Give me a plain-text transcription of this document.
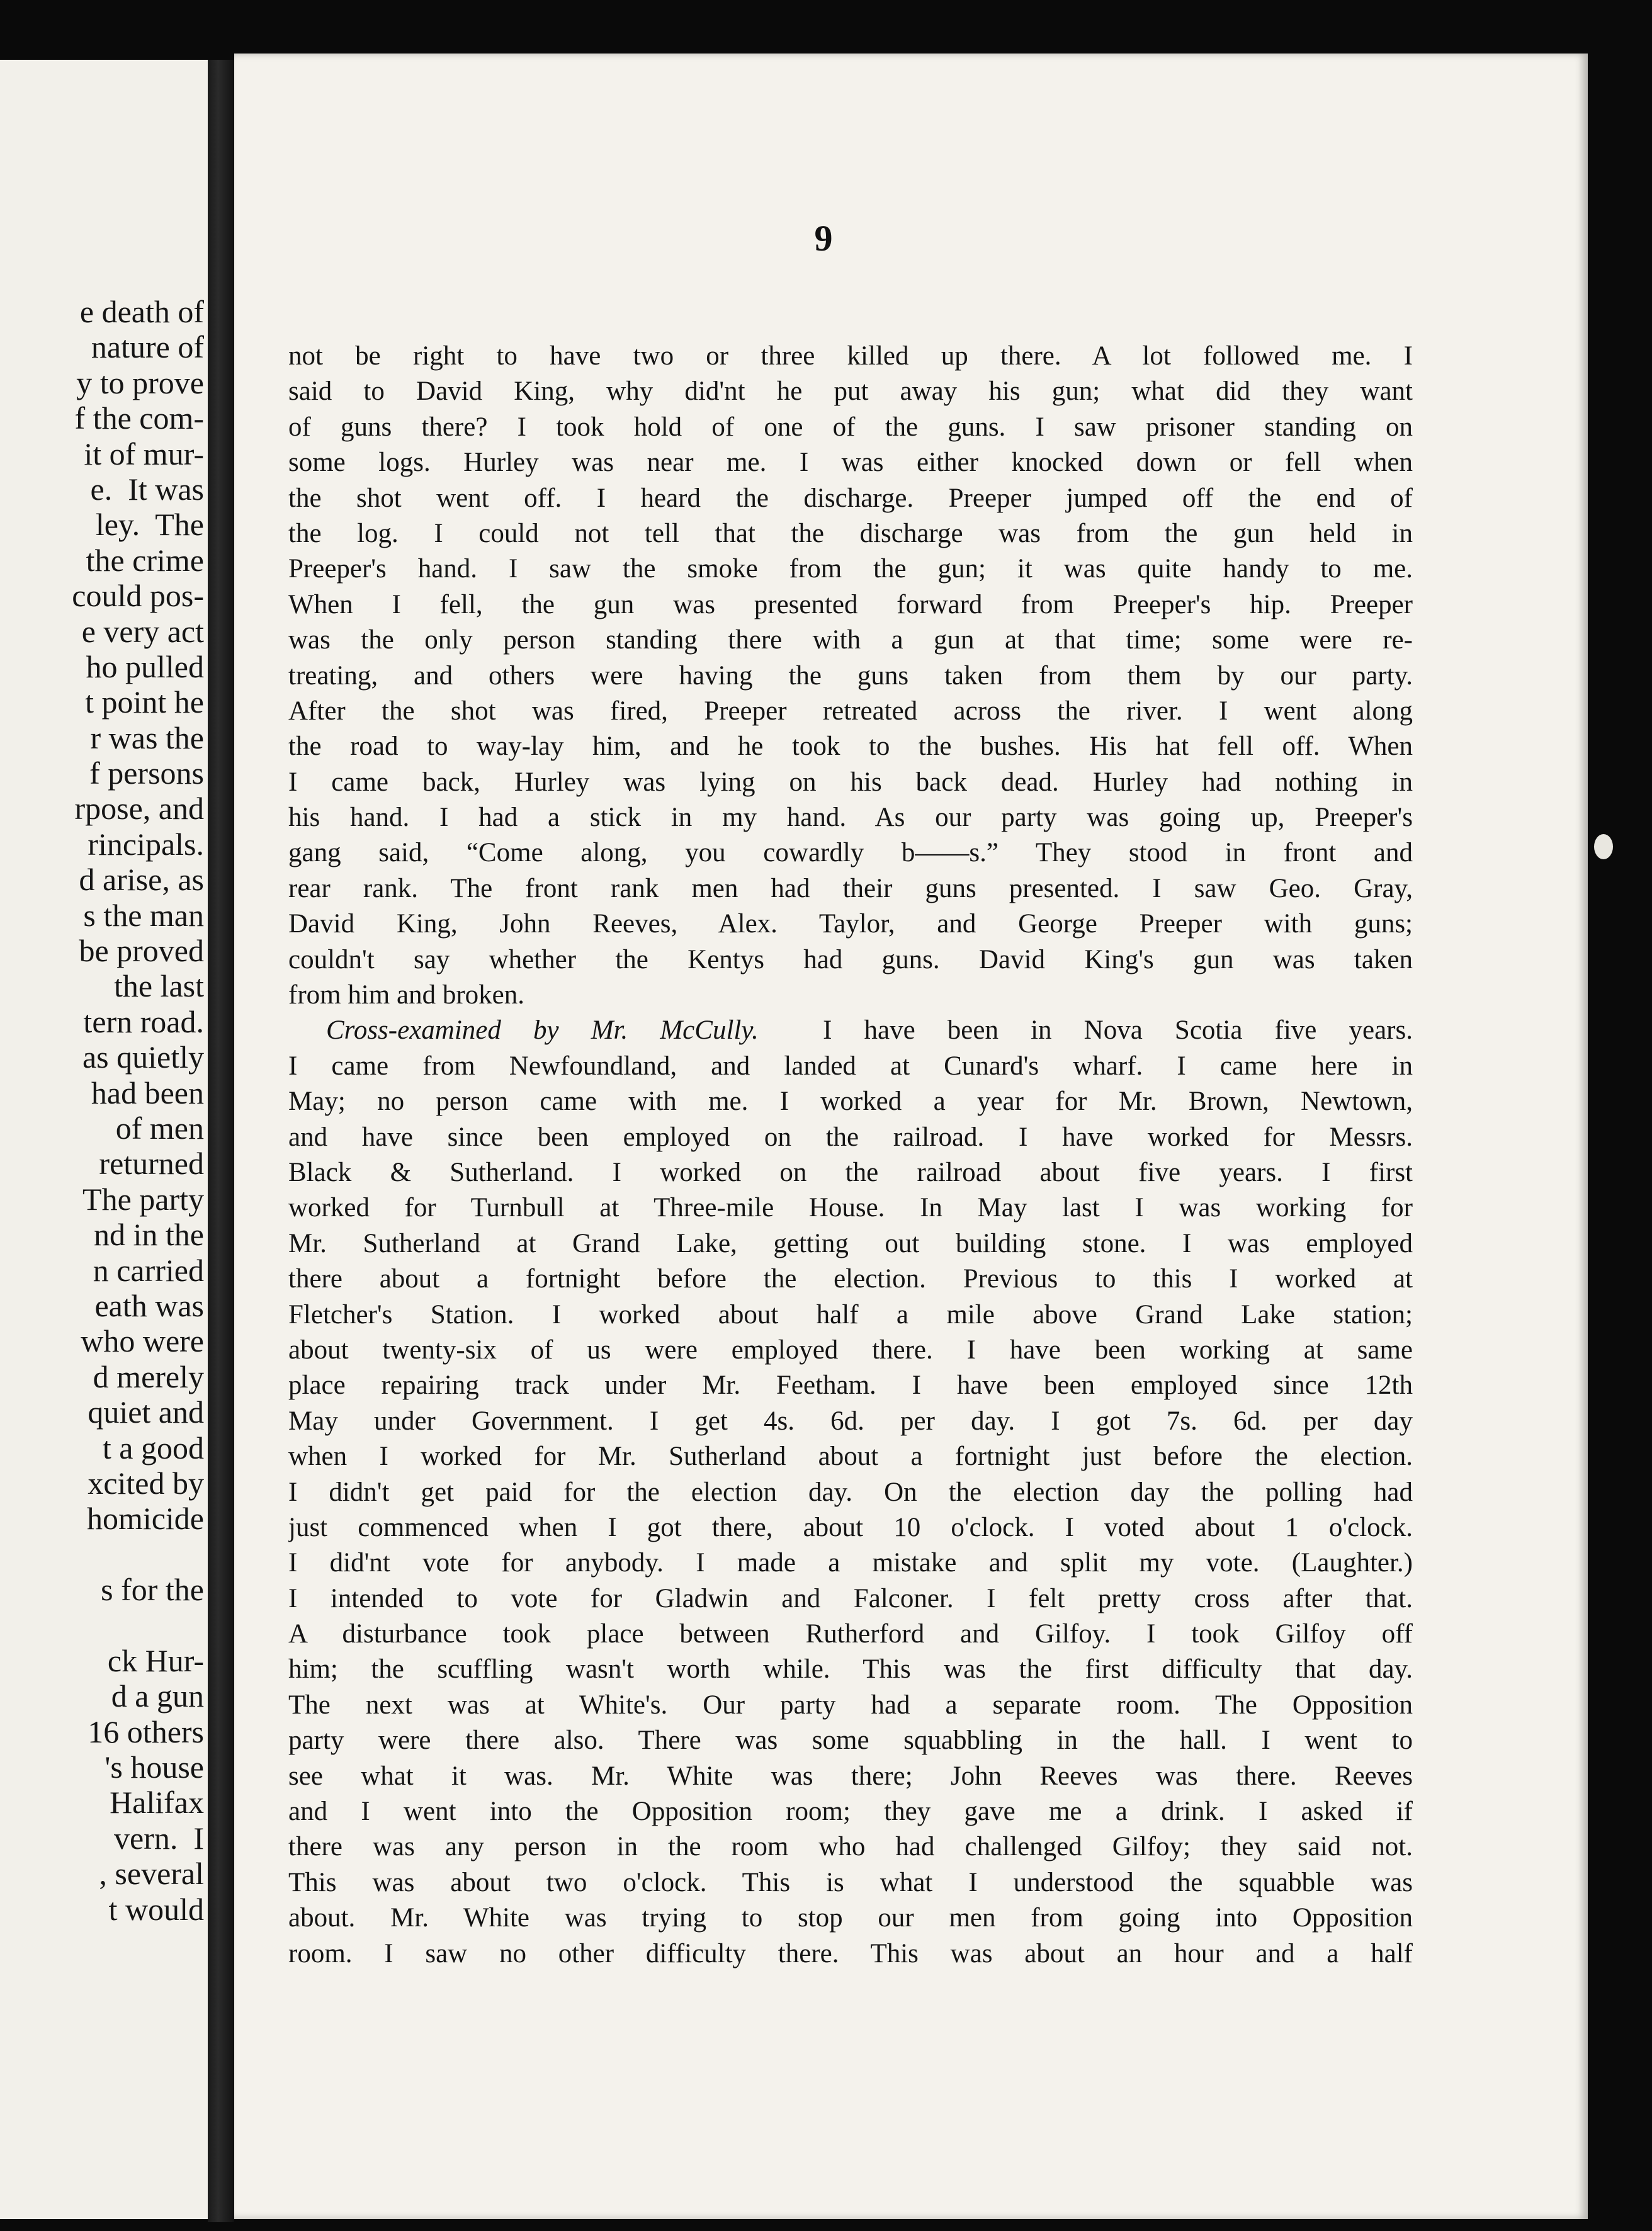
e death of
nature of
y to prove
f the com-
it of mur-
e.  It was
ley.  The
the crime
could pos-
e very act
ho pulled
t point he
r was the
f persons
rpose, and
rincipals.
d arise, as
s the man
be proved
the last
tern road.
as quietly
had been
of men
returned
The party
nd in the
n carried
eath was
who were
d merely
quiet and
t a good
xcited by
homicide
s for the
ck Hur-
d a gun
16 others
's house
Halifax
vern.  I
, several
t would
9
not be right to have two or three killed up there. A lot followed me. I
said to David King, why did'nt he put away his gun; what did they want
of guns there? I took hold of one of the guns. I saw prisoner standing on
some logs. Hurley was near me. I was either knocked down or fell when
the shot went off. I heard the discharge. Preeper jumped off the end of
the log. I could not tell that the discharge was from the gun held in
Preeper's hand. I saw the smoke from the gun; it was quite handy to me.
When I fell, the gun was presented forward from Preeper's hip. Preeper
was the only person standing there with a gun at that time; some were re-
treating, and others were having the guns taken from them by our party.
After the shot was fired, Preeper retreated across the river. I went along
the road to way-lay him, and he took to the bushes. His hat fell off. When
I came back, Hurley was lying on his back dead. Hurley had nothing in
his hand. I had a stick in my hand. As our party was going up, Preeper's
gang said, “Come along, you cowardly b——s.” They stood in front and
rear rank. The front rank men had their guns presented. I saw Geo. Gray,
David King, John Reeves, Alex. Taylor, and George Preeper with guns;
couldn't say whether the Kentys had guns. David King's gun was taken
from him and broken.
Cross-examined by Mr. McCully. I have been in Nova Scotia five years.
I came from Newfoundland, and landed at Cunard's wharf. I came here in
May; no person came with me. I worked a year for Mr. Brown, Newtown,
and have since been employed on the railroad. I have worked for Messrs.
Black & Sutherland. I worked on the railroad about five years. I first
worked for Turnbull at Three-mile House. In May last I was working for
Mr. Sutherland at Grand Lake, getting out building stone. I was employed
there about a fortnight before the election. Previous to this I worked at
Fletcher's Station. I worked about half a mile above Grand Lake station;
about twenty-six of us were employed there. I have been working at same
place repairing track under Mr. Feetham. I have been employed since 12th
May under Government. I get 4s. 6d. per day. I got 7s. 6d. per day
when I worked for Mr. Sutherland about a fortnight just before the election.
I didn't get paid for the election day. On the election day the polling had
just commenced when I got there, about 10 o'clock. I voted about 1 o'clock.
I did'nt vote for anybody. I made a mistake and split my vote. (Laughter.)
I intended to vote for Gladwin and Falconer. I felt pretty cross after that.
A disturbance took place between Rutherford and Gilfoy. I took Gilfoy off
him; the scuffling wasn't worth while. This was the first difficulty that day.
The next was at White's. Our party had a separate room. The Opposition
party were there also. There was some squabbling in the hall. I went to
see what it was. Mr. White was there; John Reeves was there. Reeves
and I went into the Opposition room; they gave me a drink. I asked if
there was any person in the room who had challenged Gilfoy; they said not.
This was about two o'clock. This is what I understood the squabble was
about. Mr. White was trying to stop our men from going into Opposition
room. I saw no other difficulty there. This was about an hour and a half
